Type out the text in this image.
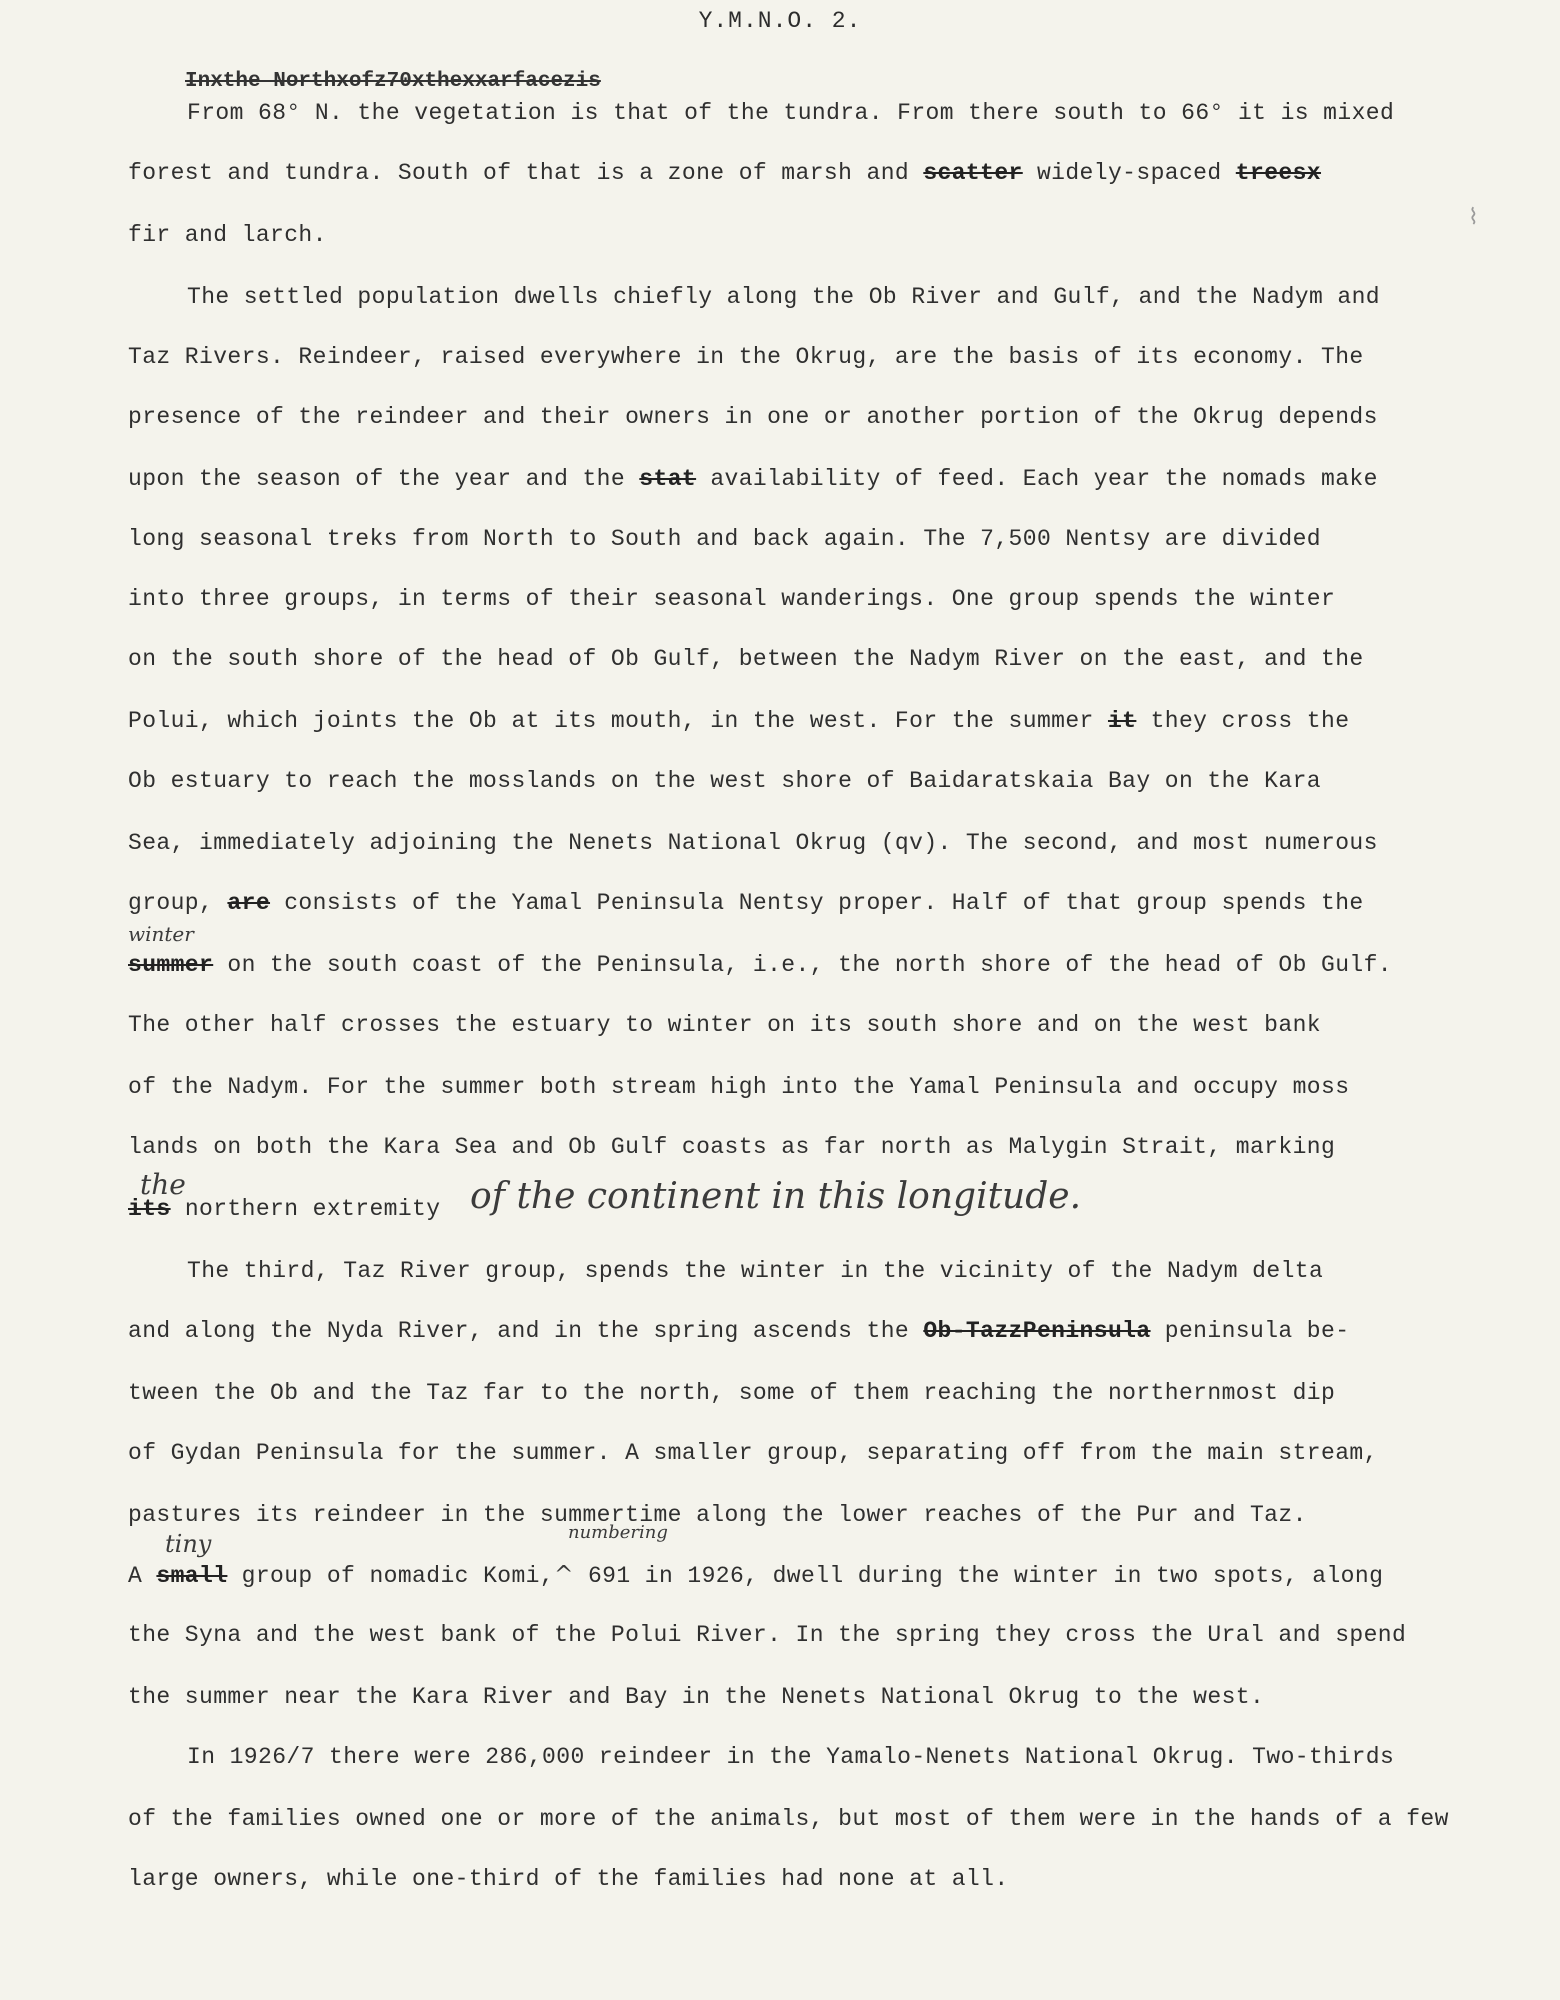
Y.M.N.O. 2.
Inxthe Northxofz70xthexxarfacezis
From 68° N. the vegetation is that of the tundra. From there south to 66° it is mixed
forest and tundra. South of that is a zone of marsh and scatter widely-spaced treesx
⌇
fir and larch.
The settled population dwells chiefly along the Ob River and Gulf, and the Nadym and
Taz Rivers. Reindeer, raised everywhere in the Okrug, are the basis of its economy. The
presence of the reindeer and their owners in one or another portion of the Okrug depends
upon the season of the year and the stat availability of feed. Each year the nomads make
long seasonal treks from North to South and back again. The 7,500 Nentsy are divided
into three groups, in terms of their seasonal wanderings. One group spends the winter
on the south shore of the head of Ob Gulf, between the Nadym River on the east, and the
Polui, which joints the Ob at its mouth, in the west. For the summer it they cross the
Ob estuary to reach the mosslands on the west shore of Baidaratskaia Bay on the Kara
Sea, immediately adjoining the Nenets National Okrug (qv). The second, and most numerous
group, are consists of the Yamal Peninsula Nentsy proper. Half of that group spends the
winter
summer on the south coast of the Peninsula, i.e., the north shore of the head of Ob Gulf.
The other half crosses the estuary to winter on its south shore and on the west bank
of the Nadym. For the summer both stream high into the Yamal Peninsula and occupy moss
lands on both the Kara Sea and Ob Gulf coasts as far north as Malygin Strait, marking
the
its northern extremity of the continent in this longitude.
The third, Taz River group, spends the winter in the vicinity of the Nadym delta
and along the Nyda River, and in the spring ascends the Ob-TazzPeninsula peninsula be-
tween the Ob and the Taz far to the north, some of them reaching the northernmost dip
of Gydan Peninsula for the summer. A smaller group, separating off from the main stream,
pastures its reindeer in the summertime along the lower reaches of the Pur and Taz.
tiny	numbering
A small group of nomadic Komi,^ 691 in 1926, dwell during the winter in two spots, along
the Syna and the west bank of the Polui River. In the spring they cross the Ural and spend
the summer near the Kara River and Bay in the Nenets National Okrug to the west.
In 1926/7 there were 286,000 reindeer in the Yamalo-Nenets National Okrug. Two-thirds
of the families owned one or more of the animals, but most of them were in the hands of a few
large owners, while one-third of the families had none at all.
